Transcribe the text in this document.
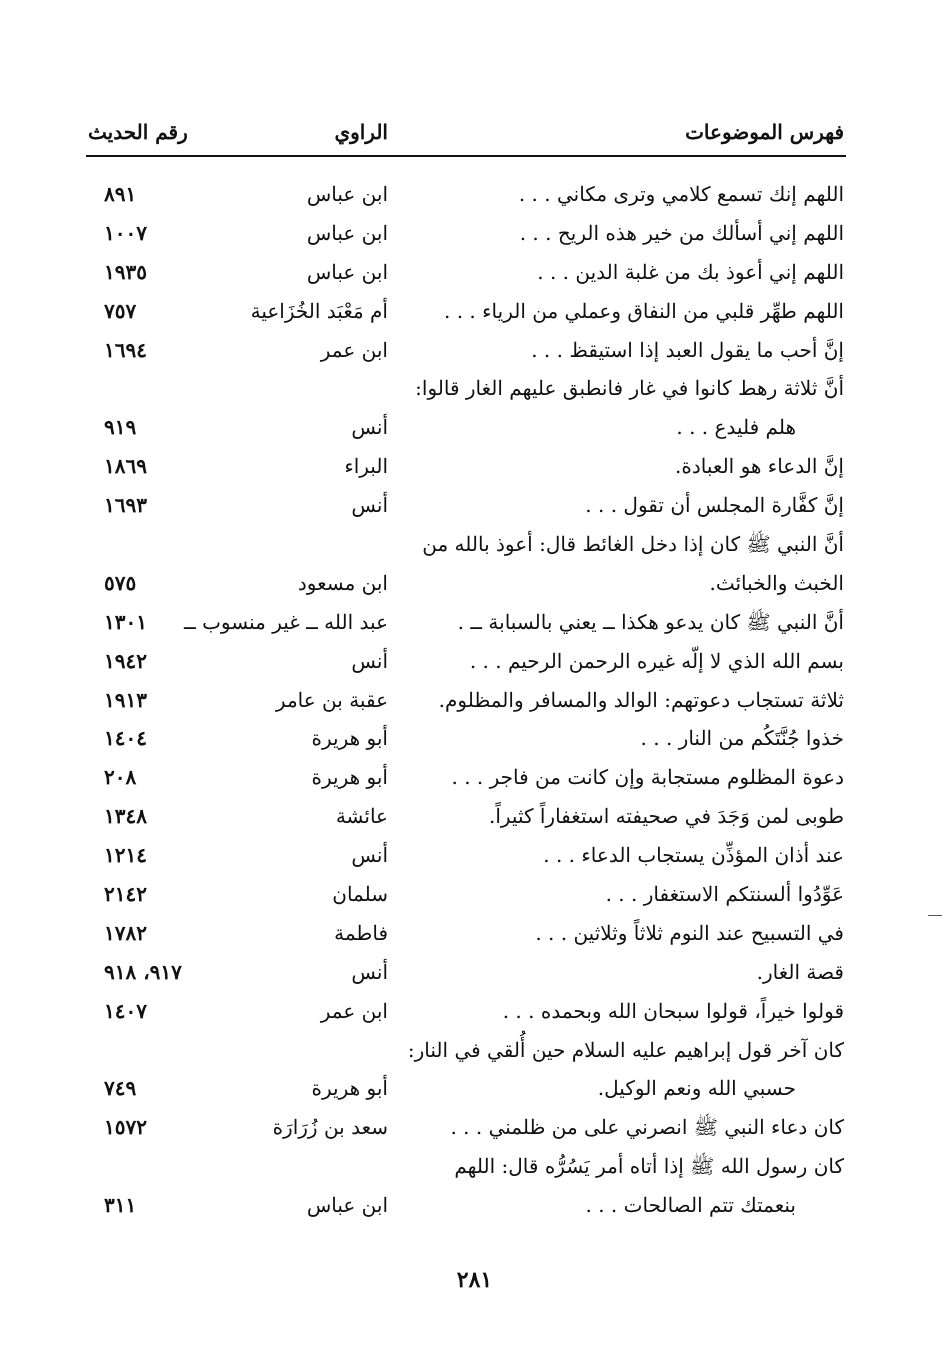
فهرس الموضوعات
الراوي
رقم الحديث
اللهم إنك تسمع كلامي وترى مكاني . . .
ابن عباس
٨٩١
اللهم إني أسألك من خير هذه الريح . . .
ابن عباس
١٠٠٧
اللهم إني أعوذ بك من غلبة الدين . . .
ابن عباس
١٩٣٥
اللهم طهِّر قلبي من النفاق وعملي من الرياء . . .
أم مَعْبَد الخُزَاعية
٧٥٧
إنَّ أحب ما يقول العبد إذا استيقظ . . .
ابن عمر
١٦٩٤
أنَّ ثلاثة رهط كانوا في غار فانطبق عليهم الغار قالوا:
هلم فليدع . . .
أنس
٩١٩
إنَّ الدعاء هو العبادة.
البراء
١٨٦٩
إنَّ كفَّارة المجلس أن تقول . . .
أنس
١٦٩٣
أنَّ النبي ﷺ كان إذا دخل الغائط قال: أعوذ بالله من
الخبث والخبائث.
ابن مسعود
٥٧٥
أنَّ النبي ﷺ كان يدعو هكذا ــ يعني بالسبابة ــ .
عبد الله ــ غير منسوب ــ
١٣٠١
بسم الله الذي لا إلّه غيره الرحمن الرحيم . . .
أنس
١٩٤٢
ثلاثة تستجاب دعوتهم: الوالد والمسافر والمظلوم.
عقبة بن عامر
١٩١٣
خذوا جُنَّتَكُم من النار . . .
أبو هريرة
١٤٠٤
دعوة المظلوم مستجابة وإن كانت من فاجر . . .
أبو هريرة
٢٠٨
طوبى لمن وَجَدَ في صحيفته استغفاراً كثيراً.
عائشة
١٣٤٨
عند أذان المؤذِّن يستجاب الدعاء . . .
أنس
١٢١٤
عَوِّدُوا ألسنتكم الاستغفار . . .
سلمان
٢١٤٢
في التسبيح عند النوم ثلاثاً وثلاثين . . .
فاطمة
١٧٨٢
قصة الغار.
أنس
٩١٧، ٩١٨
قولوا خيراً، قولوا سبحان الله وبحمده . . .
ابن عمر
١٤٠٧
كان آخر قول إبراهيم عليه السلام حين أُلقي في النار:
حسبي الله ونعم الوكيل.
أبو هريرة
٧٤٩
كان دعاء النبي ﷺ انصرني على من ظلمني . . .
سعد بن زُرَارَة
١٥٧٢
كان رسول الله ﷺ إذا أتاه أمر يَسُرُّه قال: اللهم
بنعمتك تتم الصالحات . . .
ابن عباس
٣١١
٢٨١
